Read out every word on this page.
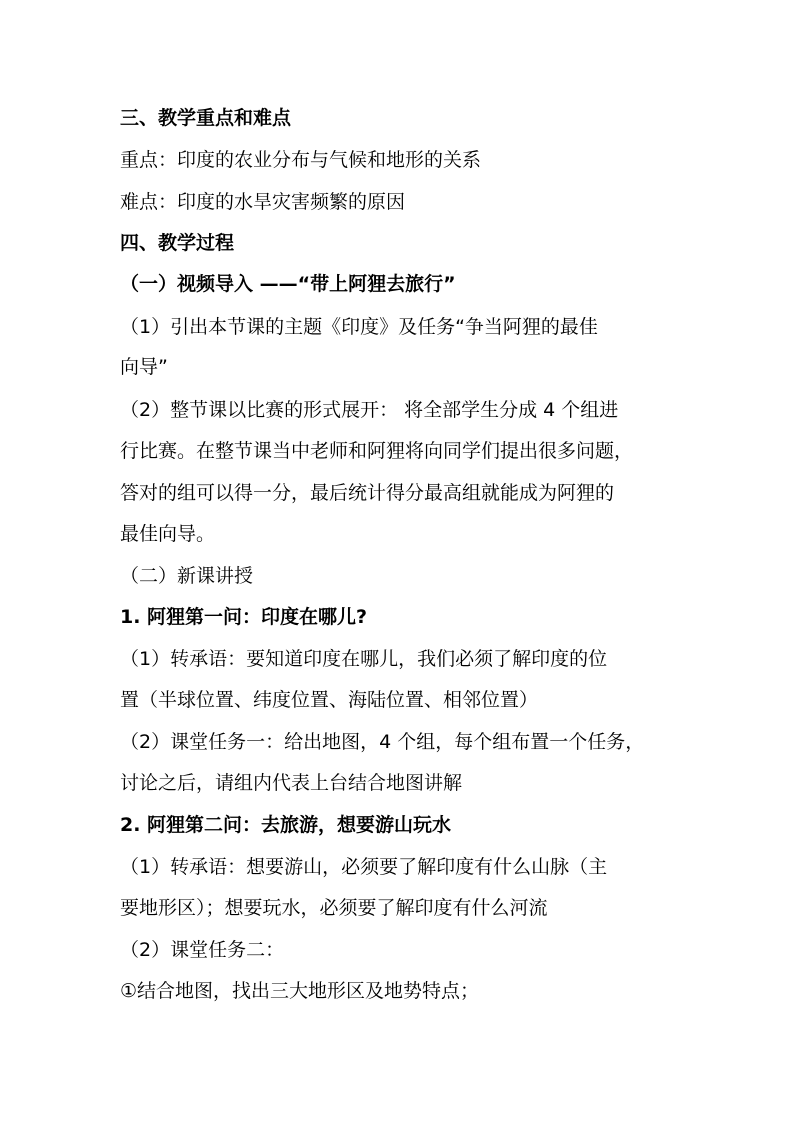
三、教学重点和难点
重点：印度的农业分布与气候和地形的关系
难点：印度的水旱灾害频繁的原因
四、教学过程
（一）视频导入 ——“带上阿狸去旅行”
（1）引出本节课的主题《印度》及任务“争当阿狸的最佳
向导”
（2）整节课以比赛的形式展开： 将全部学生分成 4 个组进
行比赛。在整节课当中老师和阿狸将向同学们提出很多问题，
答对的组可以得一分，最后统计得分最高组就能成为阿狸的
最佳向导。
（二）新课讲授
1. 阿狸第一问：印度在哪儿?
（1）转承语：要知道印度在哪儿，我们必须了解印度的位
置（半球位置、纬度位置、海陆位置、相邻位置）
（2）课堂任务一：给出地图，4 个组，每个组布置一个任务，
讨论之后，请组内代表上台结合地图讲解
2. 阿狸第二问：去旅游，想要游山玩水
（1）转承语：想要游山，必须要了解印度有什么山脉（主
要地形区）；想要玩水，必须要了解印度有什么河流
（2）课堂任务二：
①结合地图，找出三大地形区及地势特点；
